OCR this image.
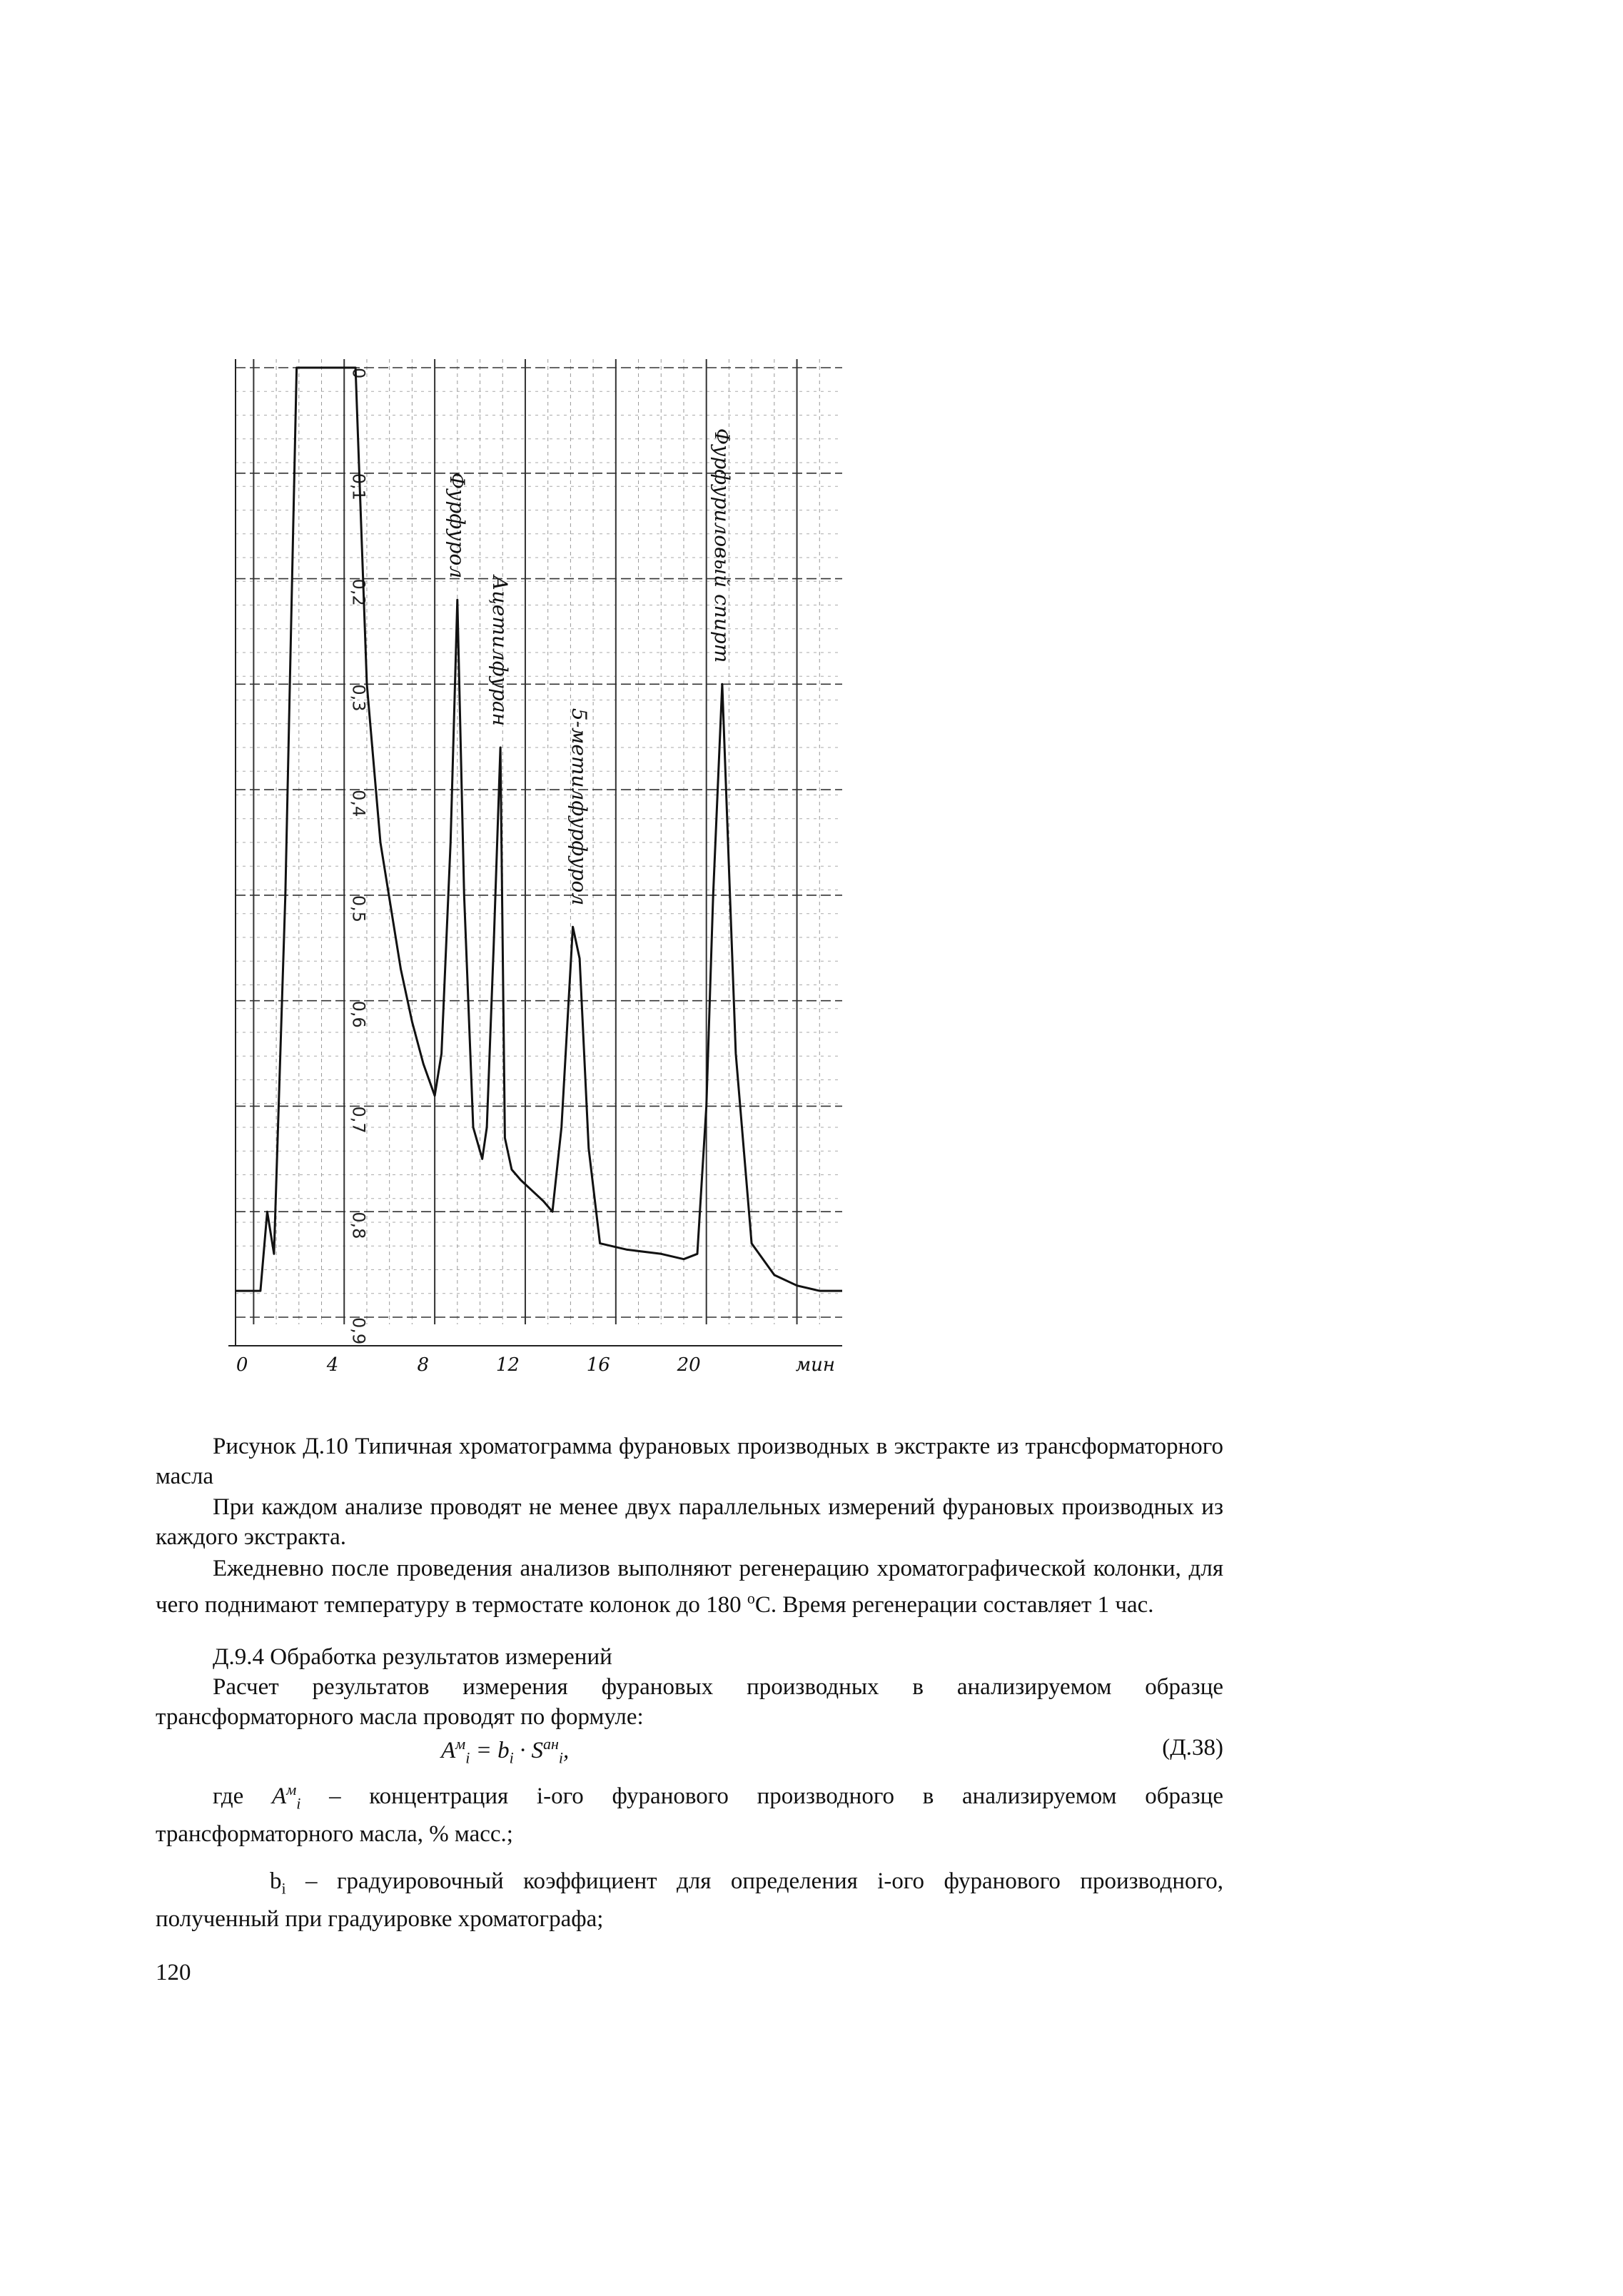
0
0,1
0,2
0,3
0,4
0,5
0,6
0,7
0,8
0,9
Фурфурол
Ацетилфуран
5-метилфурфурол
Фурфуриловый спирт
0	4	8	12	16	20	мин

Рисунок Д.10 Типичная хроматограмма фурановых производных в экстракте из трансформаторного масла

При каждом анализе проводят не менее двух параллельных измерений фурановых производных из каждого экстракта.

Ежедневно после проведения анализов выполняют регенерацию хроматографической колонки, для чего поднимают температуру в термостате колонок до 180 $^о$С. Время регенерации составляет 1 час.

Д.9.4 Обработка результатов измерений

Расчет результатов измерения фурановых производных в анализируемом образце трансформаторного масла проводят по формуле:

$A^м_i = b_i \cdot S^{ан}_i$,	(Д.38)

где $A^м_i$ – концентрация i-ого фуранового производного в анализируемом образце трансформаторного масла, % масс.;

$b_i$ – градуировочный коэффициент для определения i-ого фуранового производного, полученный при градуировке хроматографа;

120
